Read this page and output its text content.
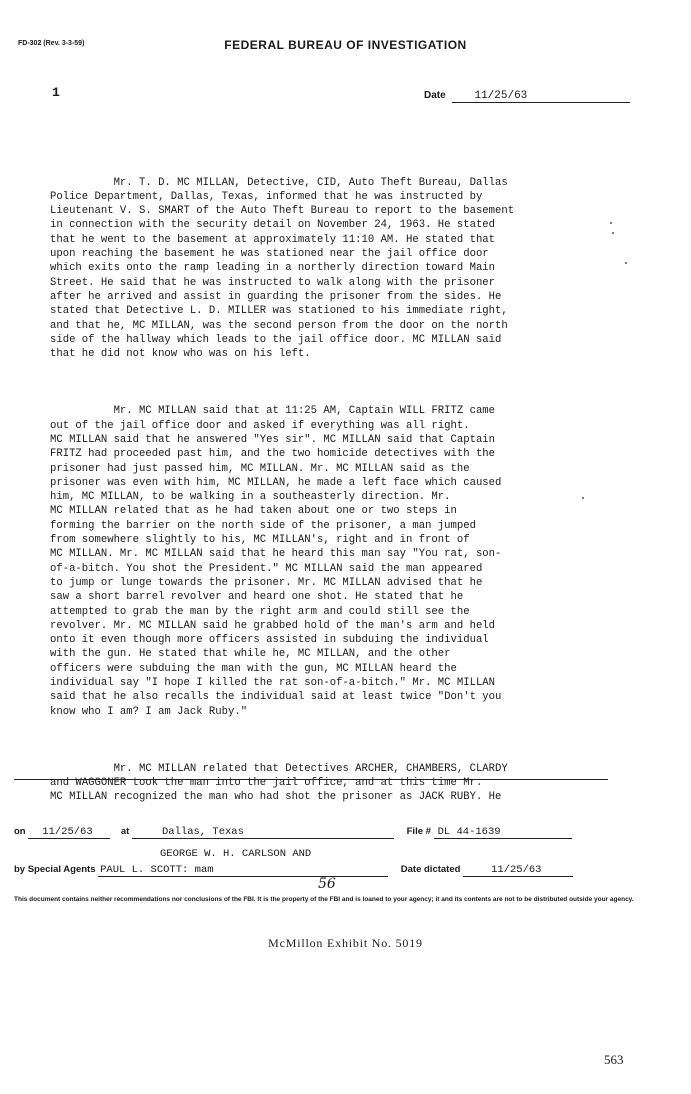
FD-302 (Rev. 3-3-59)	FEDERAL BUREAU OF INVESTIGATION
1	Date	11/25/63

Mr. T. D. MC MILLAN, Detective, CID, Auto Theft Bureau, Dallas
Police Department, Dallas, Texas, informed that he was instructed by
Lieutenant V. S. SMART of the Auto Theft Bureau to report to the basement
in connection with the security detail on November 24, 1963. He stated
that he went to the basement at approximately 11:10 AM. He stated that
upon reaching the basement he was stationed near the jail office door
which exits onto the ramp leading in a northerly direction toward Main
Street. He said that he was instructed to walk along with the prisoner
after he arrived and assist in guarding the prisoner from the sides. He
stated that Detective L. D. MILLER was stationed to his immediate right,
and that he, MC MILLAN, was the second person from the door on the north
side of the hallway which leads to the jail office door. MC MILLAN said
that he did not know who was on his left.

Mr. MC MILLAN said that at 11:25 AM, Captain WILL FRITZ came
out of the jail office door and asked if everything was all right.
MC MILLAN said that he answered "Yes sir". MC MILLAN said that Captain
FRITZ had proceeded past him, and the two homicide detectives with the
prisoner had just passed him, MC MILLAN. Mr. MC MILLAN said as the
prisoner was even with him, MC MILLAN, he made a left face which caused
him, MC MILLAN, to be walking in a southeasterly direction. Mr.
MC MILLAN related that as he had taken about one or two steps in
forming the barrier on the north side of the prisoner, a man jumped
from somewhere slightly to his, MC MILLAN's, right and in front of
MC MILLAN. Mr. MC MILLAN said that he heard this man say "You rat, son-
of-a-bitch. You shot the President." MC MILLAN said the man appeared
to jump or lunge towards the prisoner. Mr. MC MILLAN advised that he
saw a short barrel revolver and heard one shot. He stated that he
attempted to grab the man by the right arm and could still see the
revolver. Mr. MC MILLAN said he grabbed hold of the man's arm and held
onto it even though more officers assisted in subduing the individual
with the gun. He stated that while he, MC MILLAN, and the other
officers were subduing the man with the gun, MC MILLAN heard the
individual say "I hope I killed the rat son-of-a-bitch." Mr. MC MILLAN
said that he also recalls the individual said at least twice "Don't you
know who I am? I am Jack Ruby."

Mr. MC MILLAN related that Detectives ARCHER, CHAMBERS, CLARDY
and WAGGONER took the man into the jail office, and at this time Mr.
MC MILLAN recognized the man who had shot the prisoner as JACK RUBY. He

on 11/25/63	at	Dallas, Texas	File # DL 44-1639
GEORGE W. H. CARLSON AND
by Special Agents PAUL L. SCOTT: mam	Date dictated	11/25/63
56
This document contains neither recommendations nor conclusions of the FBI. It is the property of the FBI and is loaned to your agency; it and its contents are not to be distributed outside your agency.
McMillon Exhibit No. 5019
563
